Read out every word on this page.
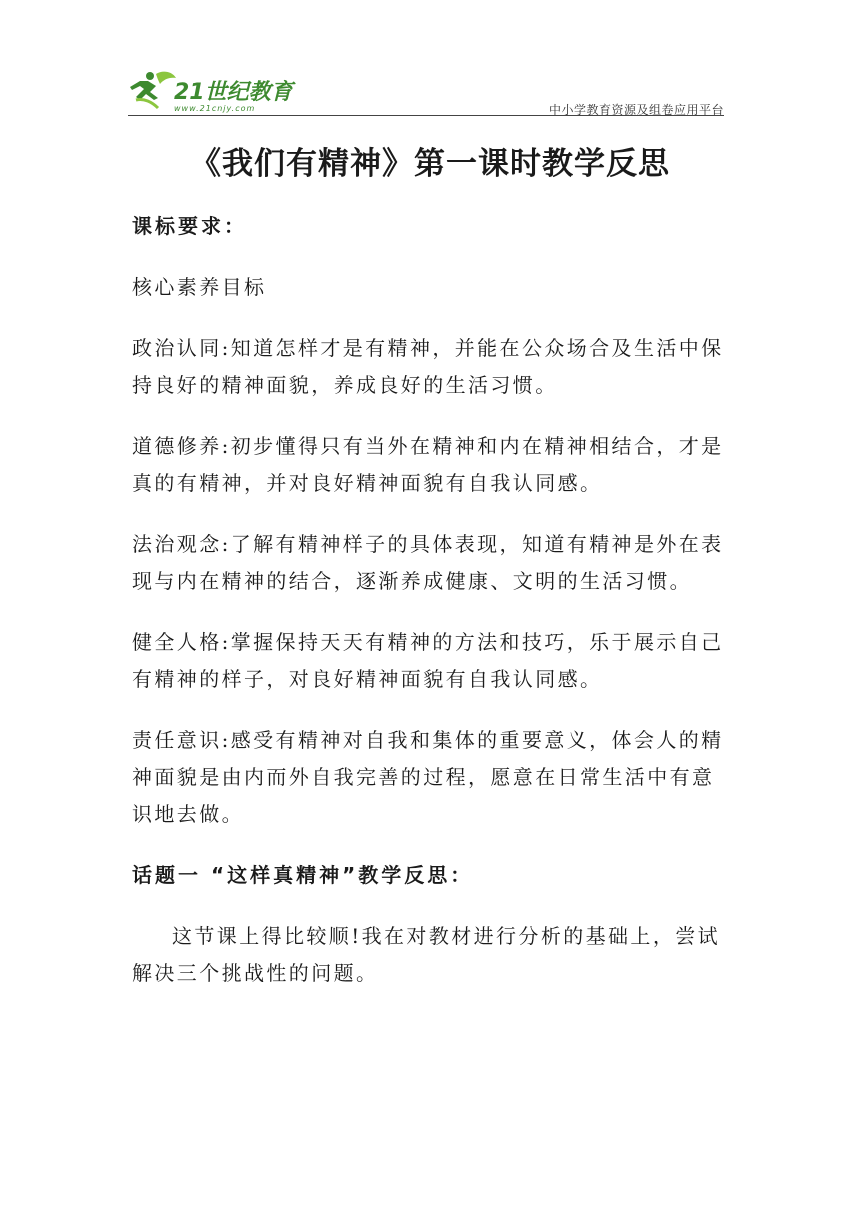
21世纪教育
www.21cnjy.com	中小学教育资源及组卷应用平台
《我们有精神》第一课时教学反思

课标要求：

核心素养目标

政治认同:知道怎样才是有精神，并能在公众场合及生活中保持良好的精神面貌，养成良好的生活习惯。

道德修养:初步懂得只有当外在精神和内在精神相结合，才是真的有精神，并对良好精神面貌有自我认同感。

法治观念:了解有精神样子的具体表现，知道有精神是外在表现与内在精神的结合，逐渐养成健康、文明的生活习惯。

健全人格:掌握保持天天有精神的方法和技巧，乐于展示自己有精神的样子，对良好精神面貌有自我认同感。

责任意识:感受有精神对自我和集体的重要意义，体会人的精神面貌是由内而外自我完善的过程，愿意在日常生活中有意识地去做。

话题一 “这样真精神”教学反思：

这节课上得比较顺!我在对教材进行分析的基础上，尝试解决三个挑战性的问题。
